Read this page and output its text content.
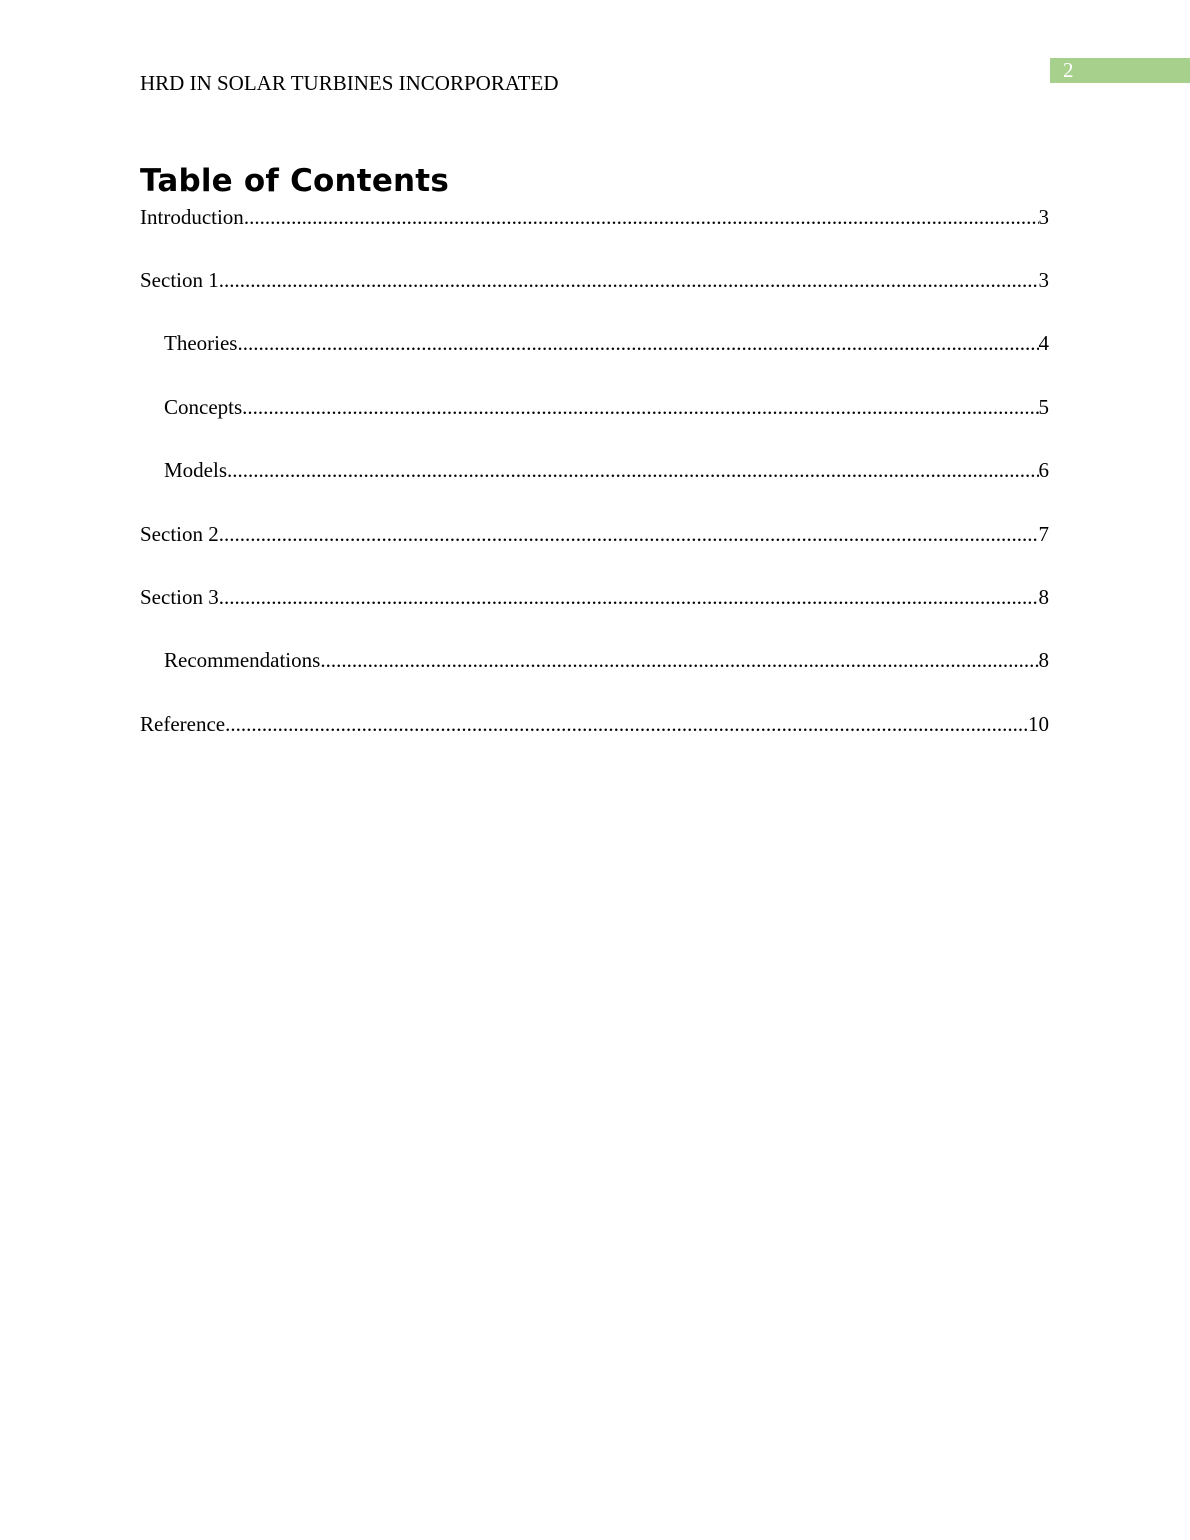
2
HRD IN SOLAR TURBINES INCORPORATED
Table of Contents
Introduction .....	3
Section 1 .....	3
Theories .....	4
Concepts .....	5
Models .....	6
Section 2 .....	7
Section 3 .....	8
Recommendations .....	8
Reference .....	10
